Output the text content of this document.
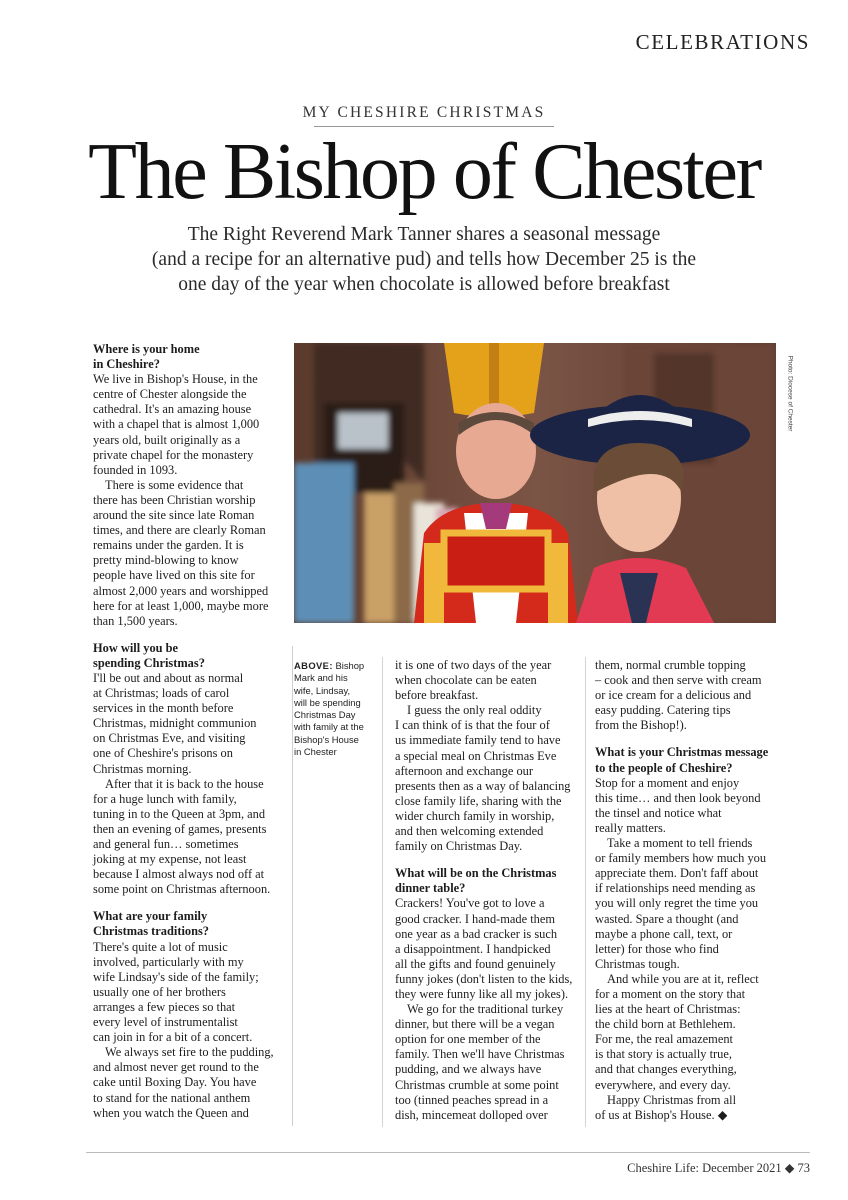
CELEBRATIONS
MY CHESHIRE CHRISTMAS
The Bishop of Chester
The Right Reverend Mark Tanner shares a seasonal message
(and a recipe for an alternative pud) and tells how December 25 is the
one day of the year when chocolate is allowed before breakfast
Where is your home
in Cheshire?
We live in Bishop's House, in the
centre of Chester alongside the
cathedral. It's an amazing house
with a chapel that is almost 1,000
years old, built originally as a
private chapel for the monastery
founded in 1093.
There is some evidence that
there has been Christian worship
around the site since late Roman
times, and there are clearly Roman
remains under the garden. It is
pretty mind-blowing to know
people have lived on this site for
almost 2,000 years and worshipped
here for at least 1,000, maybe more
than 1,500 years.
How will you be
spending Christmas?
I'll be out and about as normal
at Christmas; loads of carol
services in the month before
Christmas, midnight communion
on Christmas Eve, and visiting
one of Cheshire's prisons on
Christmas morning.
After that it is back to the house
for a huge lunch with family,
tuning in to the Queen at 3pm, and
then an evening of games, presents
and general fun… sometimes
joking at my expense, not least
because I almost always nod off at
some point on Christmas afternoon.
What are your family
Christmas traditions?
There's quite a lot of music
involved, particularly with my
wife Lindsay's side of the family;
usually one of her brothers
arranges a few pieces so that
every level of instrumentalist
can join in for a bit of a concert.
We always set fire to the pudding,
and almost never get round to the
cake until Boxing Day. You have
to stand for the national anthem
when you watch the Queen and
Photo: Diocese of Chester
ABOVE: Bishop
Mark and his
wife, Lindsay,
will be spending
Christmas Day
with family at the
Bishop's House
in Chester
it is one of two days of the year
when chocolate can be eaten
before breakfast.
I guess the only real oddity
I can think of is that the four of
us immediate family tend to have
a special meal on Christmas Eve
afternoon and exchange our
presents then as a way of balancing
close family life, sharing with the
wider church family in worship,
and then welcoming extended
family on Christmas Day.
What will be on the Christmas
dinner table?
Crackers! You've got to love a
good cracker. I hand-made them
one year as a bad cracker is such
a disappointment. I handpicked
all the gifts and found genuinely
funny jokes (don't listen to the kids,
they were funny like all my jokes).
We go for the traditional turkey
dinner, but there will be a vegan
option for one member of the
family. Then we'll have Christmas
pudding, and we always have
Christmas crumble at some point
too (tinned peaches spread in a
dish, mincemeat dolloped over
them, normal crumble topping
– cook and then serve with cream
or ice cream for a delicious and
easy pudding. Catering tips
from the Bishop!).
What is your Christmas message
to the people of Cheshire?
Stop for a moment and enjoy
this time… and then look beyond
the tinsel and notice what
really matters.
Take a moment to tell friends
or family members how much you
appreciate them. Don't faff about
if relationships need mending as
you will only regret the time you
wasted. Spare a thought (and
maybe a phone call, text, or
letter) for those who find
Christmas tough.
And while you are at it, reflect
for a moment on the story that
lies at the heart of Christmas:
the child born at Bethlehem.
For me, the real amazement
is that story is actually true,
and that changes everything,
everywhere, and every day.
Happy Christmas from all
of us at Bishop's House. ◆
Cheshire Life: December 2021 ◆ 73
